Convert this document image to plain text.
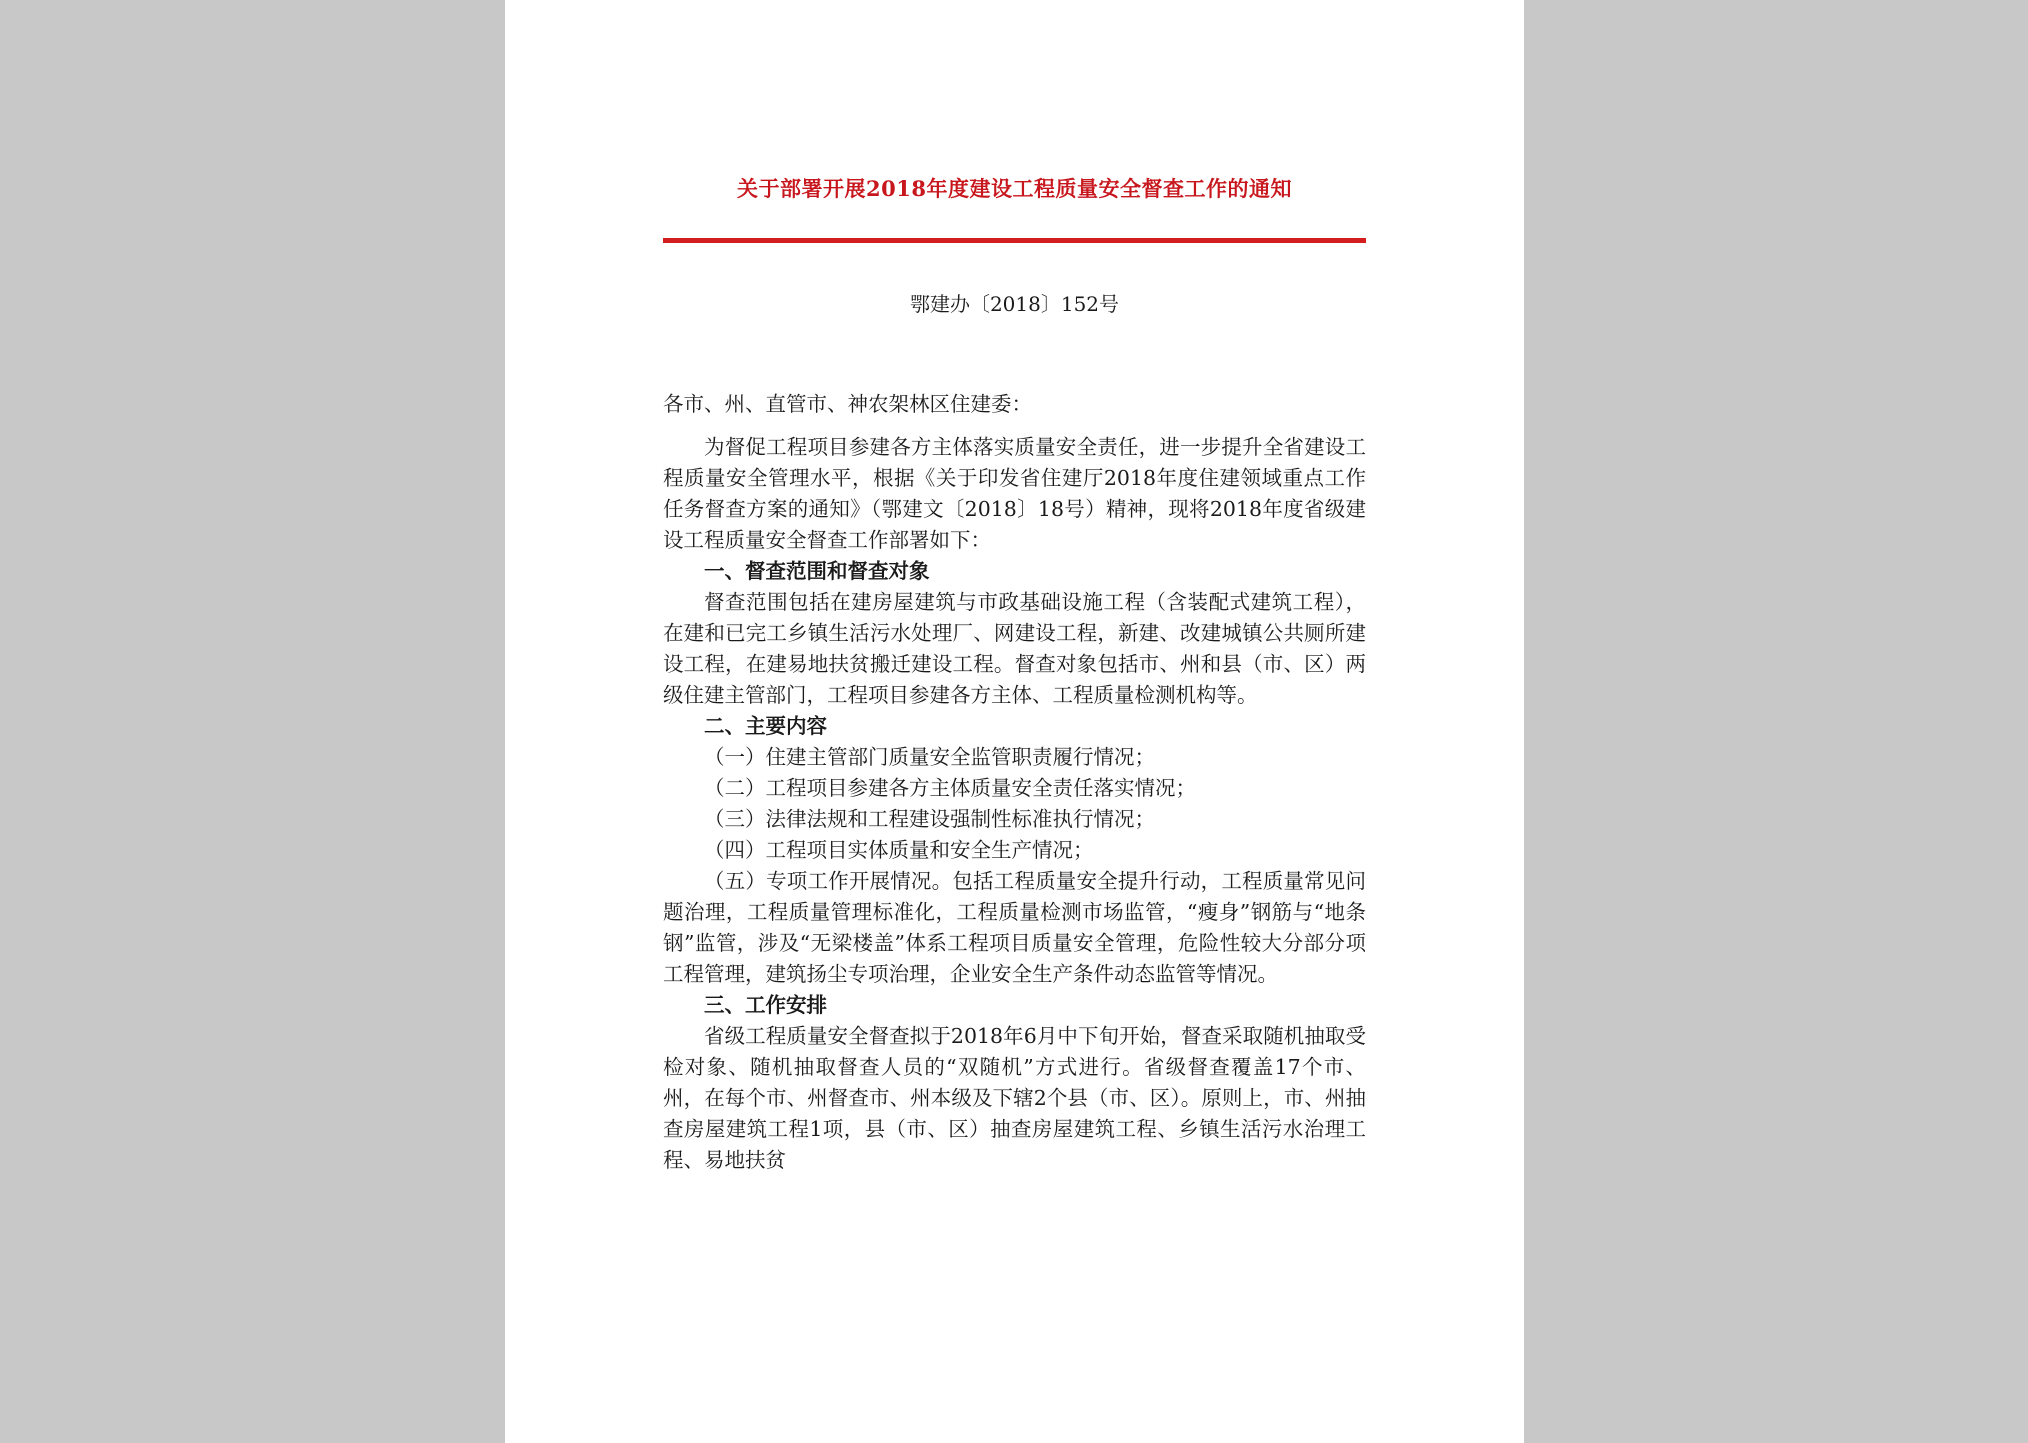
关于部署开展2018年度建设工程质量安全督查工作的通知
鄂建办〔2018〕152号

各市、州、直管市、神农架林区住建委：

为督促工程项目参建各方主体落实质量安全责任，进一步提升全省建设工程质量安全管理水平，根据《关于印发省住建厅2018年度住建领域重点工作任务督查方案的通知》（鄂建文〔2018〕18号）精神，现将2018年度省级建设工程质量安全督查工作部署如下：

一、督查范围和督查对象

督查范围包括在建房屋建筑与市政基础设施工程（含装配式建筑工程），在建和已完工乡镇生活污水处理厂、网建设工程，新建、改建城镇公共厕所建设工程，在建易地扶贫搬迁建设工程。督查对象包括市、州和县（市、区）两级住建主管部门，工程项目参建各方主体、工程质量检测机构等。

二、主要内容

（一）住建主管部门质量安全监管职责履行情况；

（二）工程项目参建各方主体质量安全责任落实情况；

（三）法律法规和工程建设强制性标准执行情况；

（四）工程项目实体质量和安全生产情况；

（五）专项工作开展情况。包括工程质量安全提升行动，工程质量常见问题治理，工程质量管理标准化，工程质量检测市场监管，“瘦身”钢筋与“地条钢”监管，涉及“无梁楼盖”体系工程项目质量安全管理，危险性较大分部分项工程管理，建筑扬尘专项治理，企业安全生产条件动态监管等情况。

三、工作安排

省级工程质量安全督查拟于2018年6月中下旬开始，督查采取随机抽取受检对象、随机抽取督查人员的“双随机”方式进行。省级督查覆盖17个市、州，在每个市、州督查市、州本级及下辖2个县（市、区）。原则上，市、州抽查房屋建筑工程1项，县（市、区）抽查房屋建筑工程、乡镇生活污水治理工程、易地扶贫
